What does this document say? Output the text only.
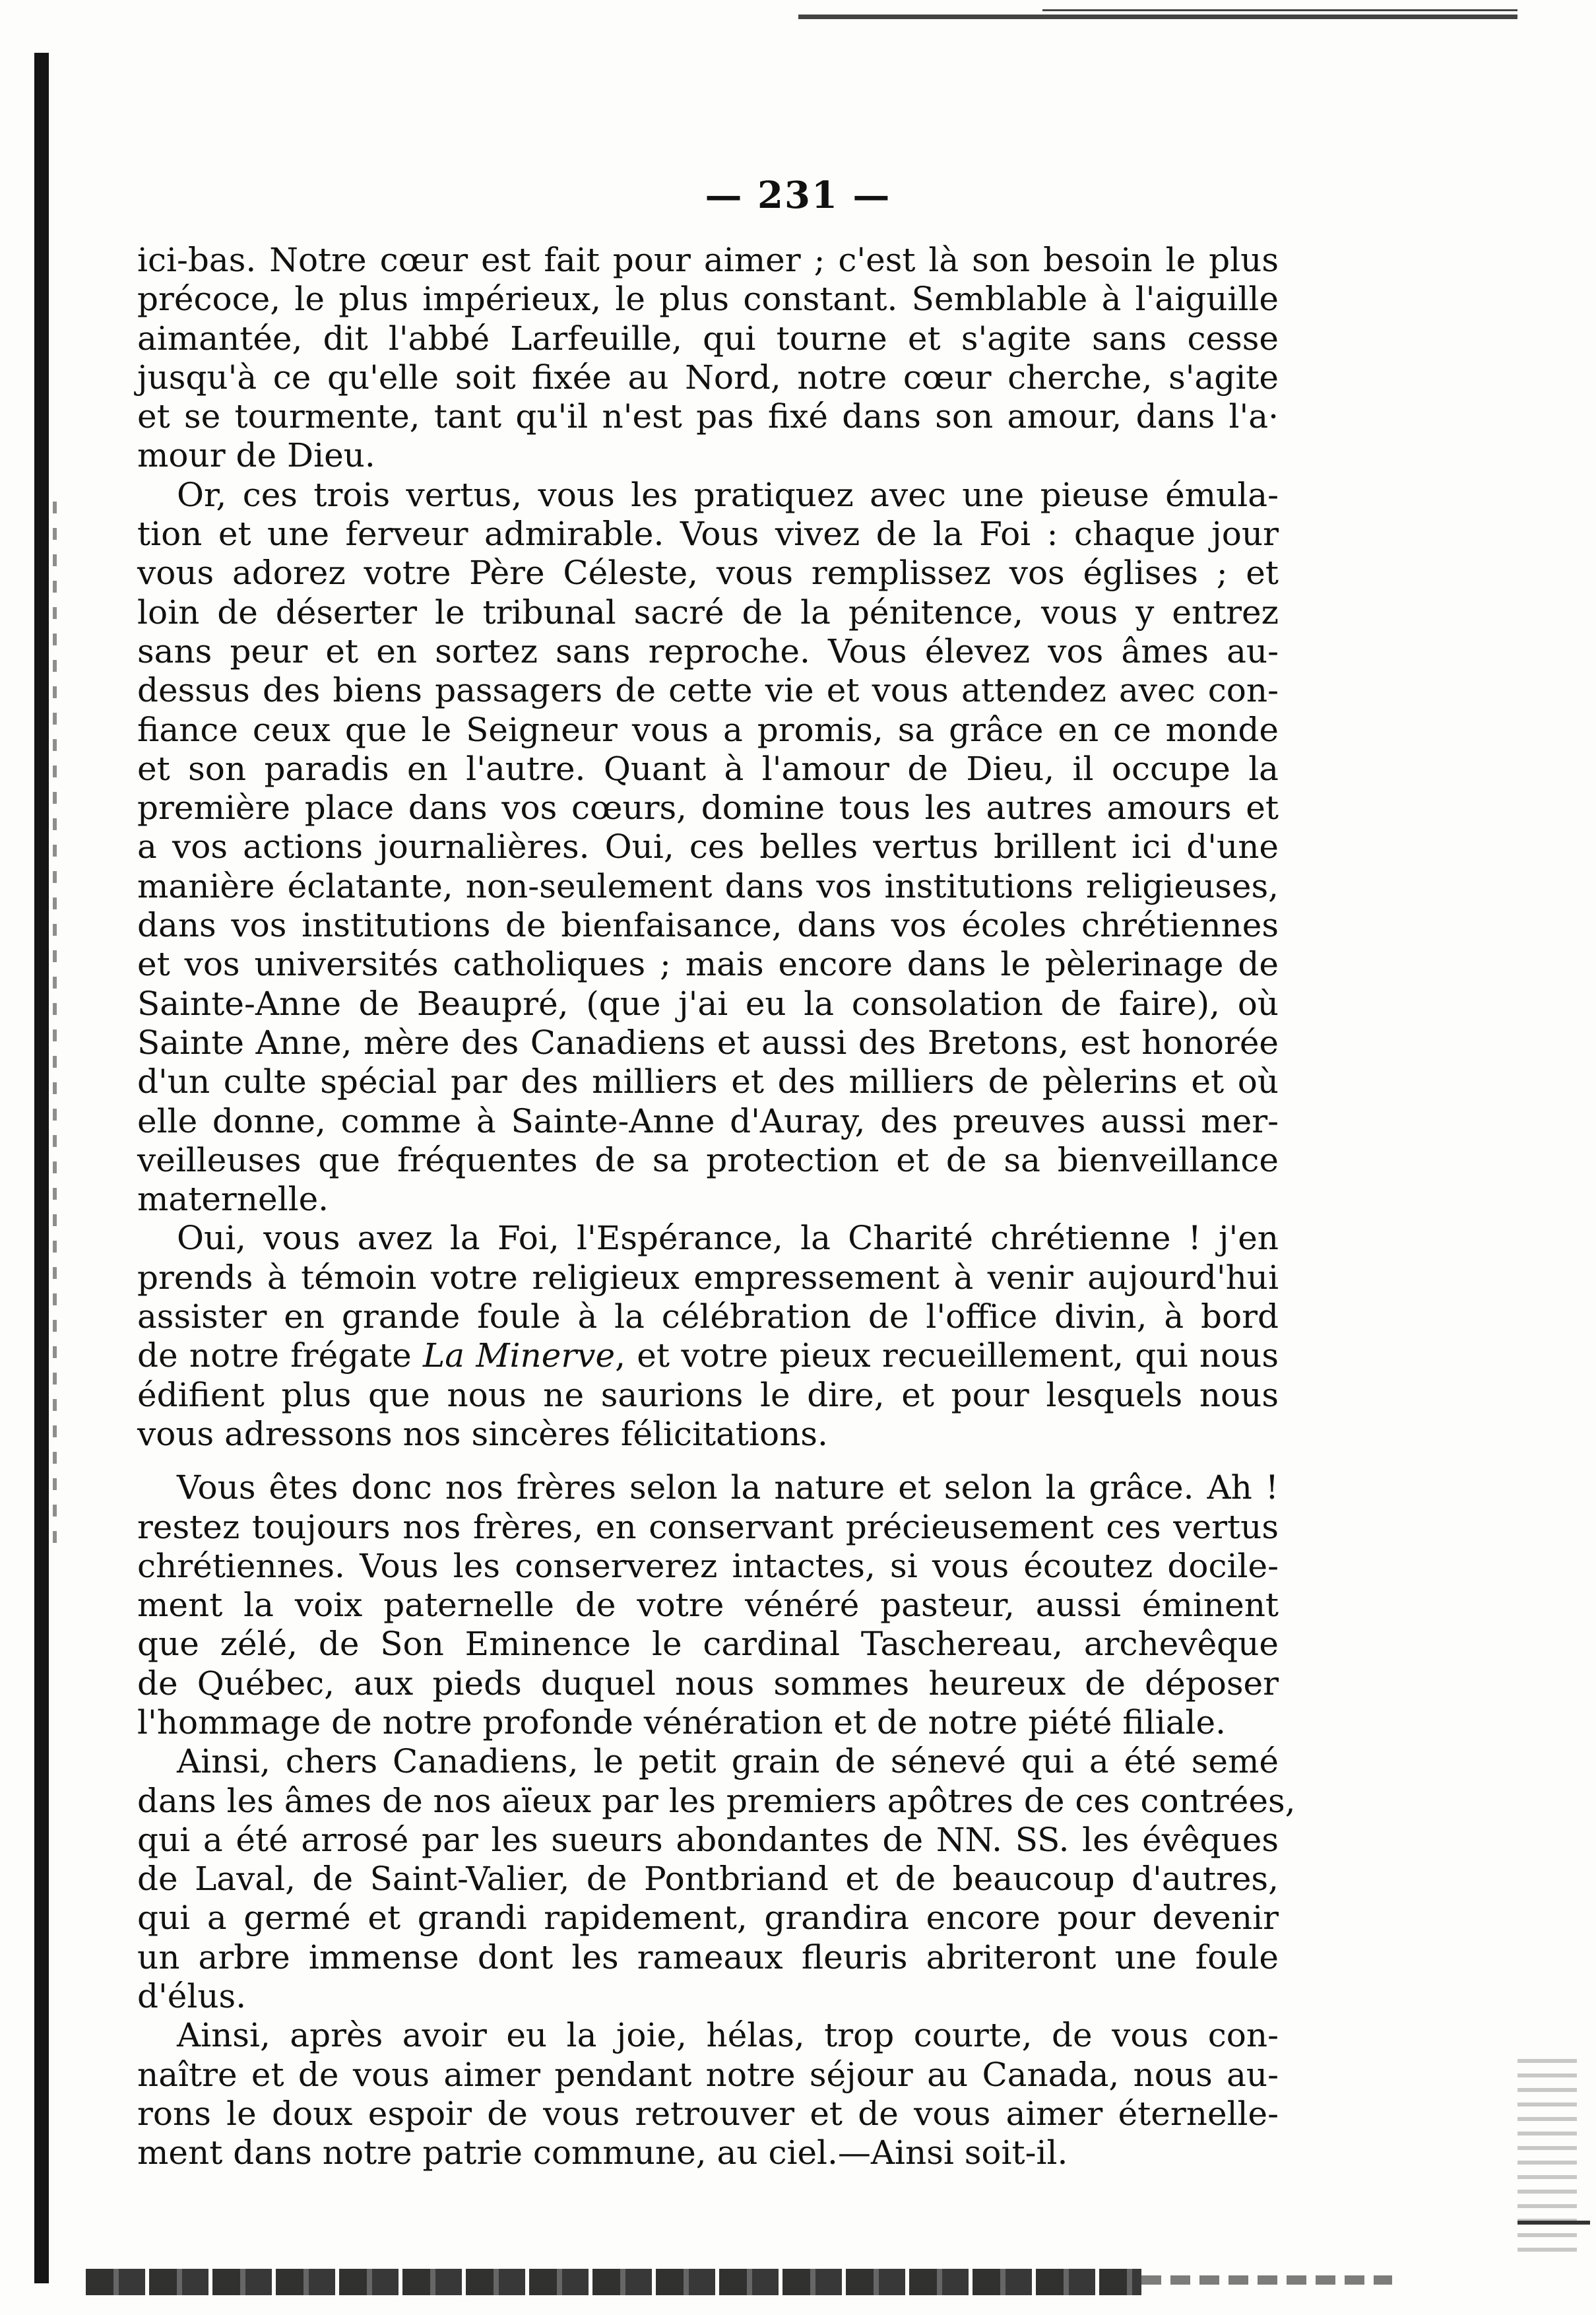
— 231 —
ici-bas. Notre cœur est fait pour aimer ; c'est là son besoin le plus
précoce, le plus impérieux, le plus constant. Semblable à l'aiguille
aimantée, dit l'abbé Larfeuille, qui tourne et s'agite sans cesse
jusqu'à ce qu'elle soit fixée au Nord, notre cœur cherche, s'agite
et se tourmente, tant qu'il n'est pas fixé dans son amour, dans l'a·
mour de Dieu.
Or, ces trois vertus, vous les pratiquez avec une pieuse émula-
tion et une ferveur admirable. Vous vivez de la Foi : chaque jour
vous adorez votre Père Céleste, vous remplissez vos églises ; et
loin de déserter le tribunal sacré de la pénitence, vous y entrez
sans peur et en sortez sans reproche. Vous élevez vos âmes au-
dessus des biens passagers de cette vie et vous attendez avec con-
fiance ceux que le Seigneur vous a promis, sa grâce en ce monde
et son paradis en l'autre. Quant à l'amour de Dieu, il occupe la
première place dans vos cœurs, domine tous les autres amours et
a vos actions journalières. Oui, ces belles vertus brillent ici d'une
manière éclatante, non-seulement dans vos institutions religieuses,
dans vos institutions de bienfaisance, dans vos écoles chrétiennes
et vos universités catholiques ; mais encore dans le pèlerinage de
Sainte-Anne de Beaupré, (que j'ai eu la consolation de faire), où
Sainte Anne, mère des Canadiens et aussi des Bretons, est honorée
d'un culte spécial par des milliers et des milliers de pèlerins et où
elle donne, comme à Sainte-Anne d'Auray, des preuves aussi mer-
veilleuses que fréquentes de sa protection et de sa bienveillance
maternelle.
Oui, vous avez la Foi, l'Espérance, la Charité chrétienne ! j'en
prends à témoin votre religieux empressement à venir aujourd'hui
assister en grande foule à la célébration de l'office divin, à bord
de notre frégate La Minerve, et votre pieux recueillement, qui nous
édifient plus que nous ne saurions le dire, et pour lesquels nous
vous adressons nos sincères félicitations.
Vous êtes donc nos frères selon la nature et selon la grâce. Ah !
restez toujours nos frères, en conservant précieusement ces vertus
chrétiennes. Vous les conserverez intactes, si vous écoutez docile-
ment la voix paternelle de votre vénéré pasteur, aussi éminent
que zélé, de Son Eminence le cardinal Taschereau, archevêque
de Québec, aux pieds duquel nous sommes heureux de déposer
l'hommage de notre profonde vénération et de notre piété filiale.
Ainsi, chers Canadiens, le petit grain de sénevé qui a été semé
dans les âmes de nos aïeux par les premiers apôtres de ces contrées,
qui a été arrosé par les sueurs abondantes de NN. SS. les évêques
de Laval, de Saint-Valier, de Pontbriand et de beaucoup d'autres,
qui a germé et grandi rapidement, grandira encore pour devenir
un arbre immense dont les rameaux fleuris abriteront une foule
d'élus.
Ainsi, après avoir eu la joie, hélas, trop courte, de vous con-
naître et de vous aimer pendant notre séjour au Canada, nous au-
rons le doux espoir de vous retrouver et de vous aimer éternelle-
ment dans notre patrie commune, au ciel.—Ainsi soit-il.
